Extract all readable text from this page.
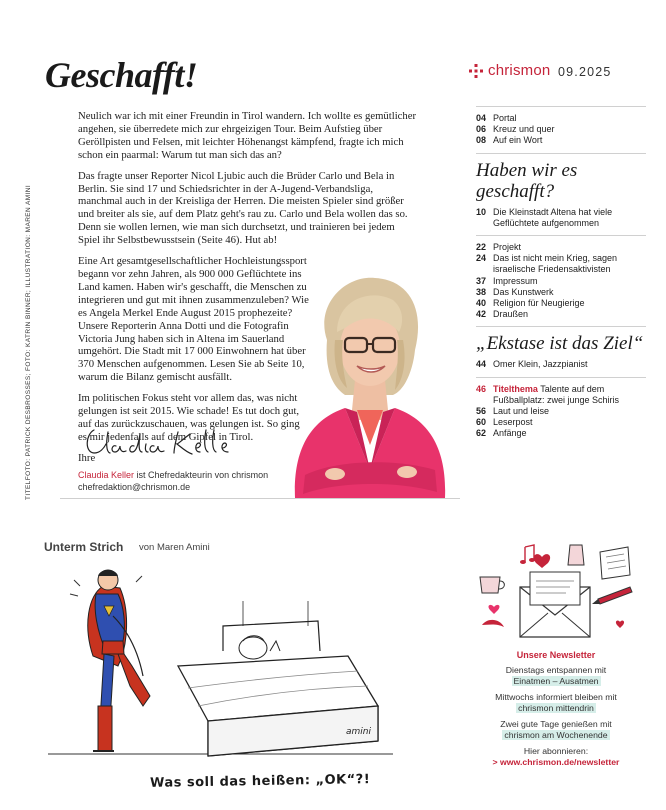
Geschafft!	chrismon 09.2025
TITELFOTO: PATRICK DESBROSSES; FOTO: KATRIN BINNER; ILLUSTRATION: MAREN AMINI

Neulich war ich mit einer Freundin in Tirol wandern. Ich wollte es gemütlicher angehen, sie überredete mich zur ehrgeizigen Tour. Beim Aufstieg über Geröllpisten und Felsen, mit leichter Höhenangst kämpfend, fragte ich mich schon ein paarmal: Warum tut man sich das an?

Das fragte unser Reporter Nicol Ljubic auch die Brüder Carlo und Bela in Berlin. Sie sind 17 und Schiedsrichter in der A-Jugend-Verbandsliga, manchmal auch in der Kreisliga der Herren. Die meisten Spieler sind größer und breiter als sie, auf dem Platz geht's rau zu. Carlo und Bela wollen das so. Denn sie wollen lernen, wie man sich durchsetzt, und trainieren bei jedem Spiel ihr Selbstbewusstsein (Seite 46). Hut ab!

Eine Art gesamtgesellschaftlicher Hochleistungssport begann vor zehn Jahren, als 900 000 Geflüchtete ins Land kamen. Haben wir's geschafft, die Menschen zu integrieren und gut mit ihnen zusammenzuleben? Wie es Angela Merkel Ende August 2015 prophezeite? Unsere Reporterin Anna Dotti und die Fotografin Victoria Jung haben sich in Altena im Sauerland umgehört. Die Stadt mit 17 000 Einwohnern hat über 370 Menschen aufgenommen. Lesen Sie ab Seite 10, warum die Bilanz gemischt ausfällt.

Im politischen Fokus steht vor allem das, was nicht gelungen ist seit 2015. Wie schade! Es tut doch gut, auf das zurückzuschauen, was gelungen ist. So ging es mir jedenfalls auf dem Gipfel in Tirol.

Ihre

Claudia Keller ist Chefredakteurin von chrismon
chefredaktion@chrismon.de
04 Portal
06 Kreuz und quer
08 Auf ein Wort
Haben wir es geschafft?
10 Die Kleinstadt Altena hat viele Geflüchtete aufgenommen
22 Projekt
24 Das ist nicht mein Krieg, sagen israelische Friedensaktivisten
37 Impressum
38 Das Kunstwerk
40 Religion für Neugierige
42 Draußen
„Ekstase ist das Ziel“
44 Omer Klein, Jazzpianist
46 Titelthema Talente auf dem Fußballplatz: zwei junge Schiris
56 Laut und leise
60 Leserpost
62 Anfänge
Unterm Strich von Maren Amini
amini
Was soll das heißen: „OK“?!
Unsere Newsletter
Dienstags entspannen mit
Einatmen – Ausatmen
Mittwochs informiert bleiben mit
chrismon mittendrin
Zwei gute Tage genießen mit
chrismon am Wochenende
Hier abonnieren:
> www.chrismon.de/newsletter
